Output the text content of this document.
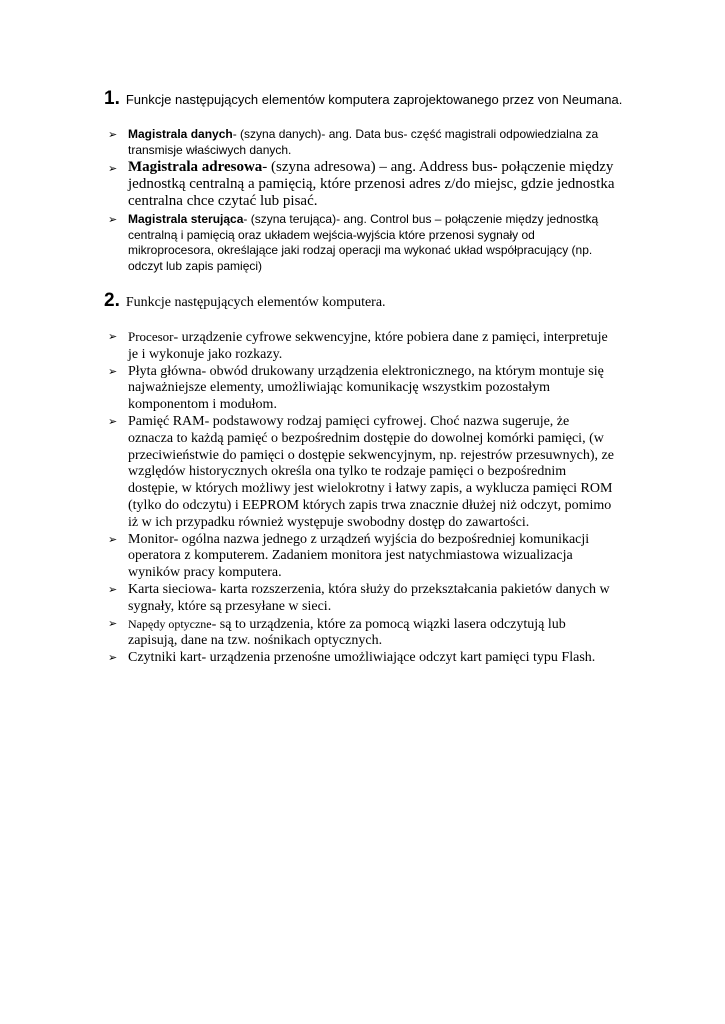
1. Funkcje następujących elementów komputera zaprojektowanego przez von Neumana.
➢ Magistrala danych- (szyna danych)- ang. Data bus- część magistrali odpowiedzialna za
transmisje właściwych danych.
➢ Magistrala adresowa- (szyna adresowa) – ang. Address bus- połączenie między
jednostką centralną a pamięcią, które przenosi adres z/do miejsc, gdzie jednostka
centralna chce czytać lub pisać.
➢ Magistrala sterująca- (szyna terująca)- ang. Control bus – połączenie między jednostką
centralną i pamięcią oraz układem wejścia-wyjścia które przenosi sygnały od
mikroprocesora, określające jaki rodzaj operacji ma wykonać układ współpracujący (np.
odczyt lub zapis pamięci)
2. Funkcje następujących elementów komputera.
➢ Procesor- urządzenie cyfrowe sekwencyjne, które pobiera dane z pamięci, interpretuje
je i wykonuje jako rozkazy.
➢ Płyta główna- obwód drukowany urządzenia elektronicznego, na którym montuje się
najważniejsze elementy, umożliwiając komunikację wszystkim pozostałym
komponentom i modułom.
➢ Pamięć RAM- podstawowy rodzaj pamięci cyfrowej. Choć nazwa sugeruje, że
oznacza to każdą pamięć o bezpośrednim dostępie do dowolnej komórki pamięci, (w
przeciwieństwie do pamięci o dostępie sekwencyjnym, np. rejestrów przesuwnych), ze
względów historycznych określa ona tylko te rodzaje pamięci o bezpośrednim
dostępie, w których możliwy jest wielokrotny i łatwy zapis, a wyklucza pamięci ROM
(tylko do odczytu) i EEPROM których zapis trwa znacznie dłużej niż odczyt, pomimo
iż w ich przypadku również występuje swobodny dostęp do zawartości.
➢ Monitor- ogólna nazwa jednego z urządzeń wyjścia do bezpośredniej komunikacji
operatora z komputerem. Zadaniem monitora jest natychmiastowa wizualizacja
wyników pracy komputera.
➢ Karta sieciowa- karta rozszerzenia, która służy do przekształcania pakietów danych w
sygnały, które są przesyłane w sieci.
➢ Napędy optyczne- są to urządzenia, które za pomocą wiązki lasera odczytują lub
zapisują, dane na tzw. nośnikach optycznych.
➢ Czytniki kart- urządzenia przenośne umożliwiające odczyt kart pamięci typu Flash.
